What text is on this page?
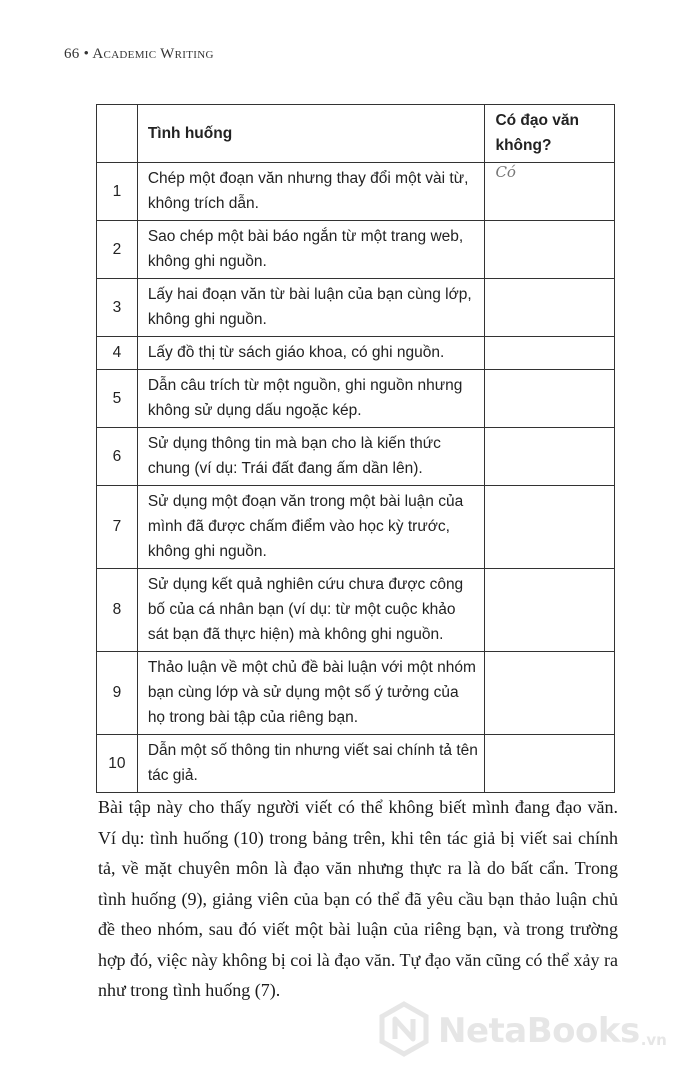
66 • Academic Writing
	Tình huống	Có đạo văn không?
1	Chép một đoạn văn nhưng thay đổi một vài từ, không trích dẫn.	Có
2	Sao chép một bài báo ngắn từ một trang web, không ghi nguồn.	
3	Lấy hai đoạn văn từ bài luận của bạn cùng lớp, không ghi nguồn.	
4	Lấy đồ thị từ sách giáo khoa, có ghi nguồn.	
5	Dẫn câu trích từ một nguồn, ghi nguồn nhưng không sử dụng dấu ngoặc kép.	
6	Sử dụng thông tin mà bạn cho là kiến thức chung (ví dụ: Trái đất đang ấm dần lên).	
7	Sử dụng một đoạn văn trong một bài luận của mình đã được chấm điểm vào học kỳ trước, không ghi nguồn.	
8	Sử dụng kết quả nghiên cứu chưa được công bố của cá nhân bạn (ví dụ: từ một cuộc khảo sát bạn đã thực hiện) mà không ghi nguồn.	
9	Thảo luận về một chủ đề bài luận với một nhóm bạn cùng lớp và sử dụng một số ý tưởng của họ trong bài tập của riêng bạn.	
10	Dẫn một số thông tin nhưng viết sai chính tả tên tác giả.	

Bài tập này cho thấy người viết có thể không biết mình đang đạo văn. Ví dụ: tình huống (10) trong bảng trên, khi tên tác giả bị viết sai chính tả, về mặt chuyên môn là đạo văn nhưng thực ra là do bất cẩn. Trong tình huống (9), giảng viên của bạn có thể đã yêu cầu bạn thảo luận chủ đề theo nhóm, sau đó viết một bài luận của riêng bạn, và trong trường hợp đó, việc này không bị coi là đạo văn. Tự đạo văn cũng có thể xảy ra như trong tình huống (7).

NetaBooks .vn
